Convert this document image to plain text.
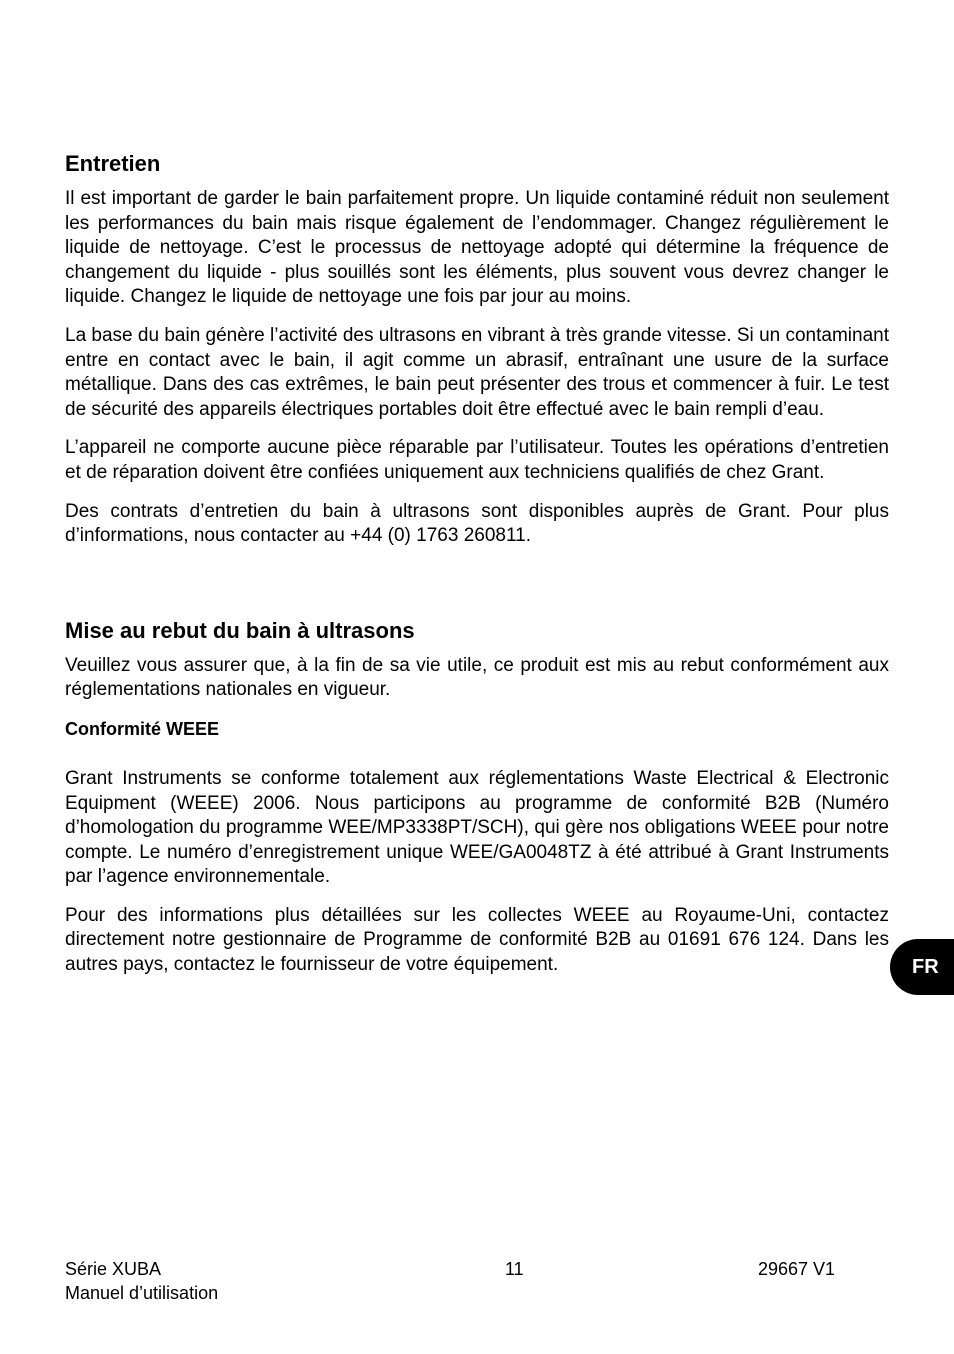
Entretien

Il est important de garder le bain parfaitement propre. Un liquide contaminé réduit non seulement les performances du bain mais risque également de l’endommager. Changez régulièrement le liquide de nettoyage. C’est le processus de nettoyage adopté qui détermine la fréquence de changement du liquide - plus souillés sont les éléments, plus souvent vous devrez changer le liquide. Changez le liquide de nettoyage une fois par jour au moins.

La base du bain génère l’activité des ultrasons en vibrant à très grande vitesse. Si un contaminant entre en contact avec le bain, il agit comme un abrasif, entraînant une usure de la surface métallique. Dans des cas extrêmes, le bain peut présenter des trous et commencer à fuir. Le test de sécurité des appareils électriques portables doit être effectué avec le bain rempli d’eau.

L’appareil ne comporte aucune pièce réparable par l’utilisateur. Toutes les opérations d’entretien et de réparation doivent être confiées uniquement aux techniciens qualifiés de chez Grant.

Des contrats d’entretien du bain à ultrasons sont disponibles auprès de Grant. Pour plus d’informations, nous contacter au +44 (0) 1763 260811.

Mise au rebut du bain à ultrasons

Veuillez vous assurer que, à la fin de sa vie utile, ce produit est mis au rebut conformément aux réglementations nationales en vigueur.

Conformité WEEE

Grant Instruments se conforme totalement aux réglementations Waste Electrical & Electronic Equipment (WEEE) 2006. Nous participons au programme de conformité B2B (Numéro d’homologation du programme WEE/MP3338PT/SCH), qui gère nos obligations WEEE pour notre compte. Le numéro d’enregistrement unique WEE/GA0048TZ à été attribué à Grant Instruments par l’agence environnementale.

Pour des informations plus détaillées sur les collectes WEEE au Royaume-Uni, contactez directement notre gestionnaire de Programme de conformité B2B au 01691 676 124. Dans les autres pays, contactez le fournisseur de votre équipement.	FR
Série XUBA
Manuel d’utilisation
11	29667 V1
